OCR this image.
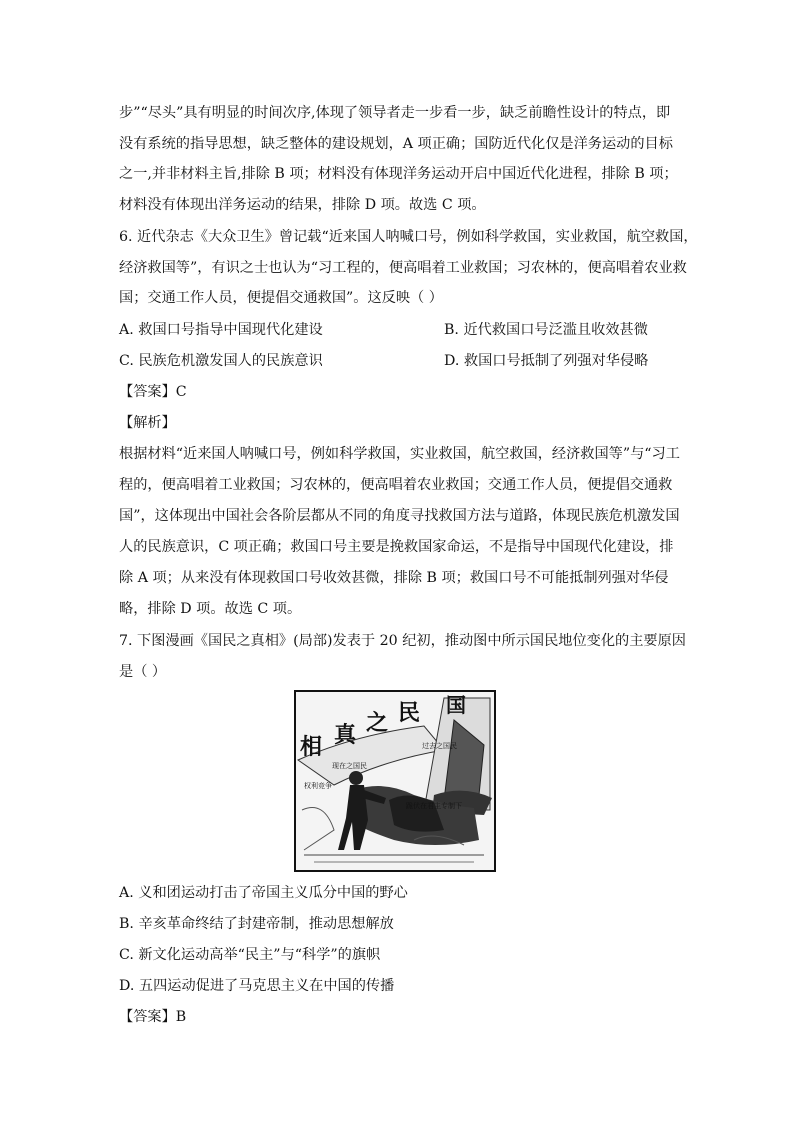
步”“尽头”具有明显的时间次序,体现了领导者走一步看一步，缺乏前瞻性设计的特点，即
没有系统的指导思想，缺乏整体的建设规划，A 项正确；国防近代化仅是洋务运动的目标
之一,并非材料主旨,排除 B 项；材料没有体现洋务运动开启中国近代化进程，排除 B 项；
材料没有体现出洋务运动的结果，排除 D 项。故选 C 项。
6. 近代杂志《大众卫生》曾记载“近来国人呐喊口号，例如科学救国，实业救国，航空救国，
经济救国等”，有识之士也认为“习工程的，便高唱着工业救国；习农林的，便高唱着农业救
国；交通工作人员，便提倡交通救国”。这反映（ ）
A. 救国口号指导中国现代化建设	B. 近代救国口号泛滥且收效甚微
C. 民族危机激发国人的民族意识	D. 救国口号抵制了列强对华侵略
【答案】C
【解析】
根据材料“近来国人呐喊口号，例如科学救国，实业救国，航空救国，经济救国等”与“习工
程的，便高唱着工业救国；习农林的，便高唱着农业救国；交通工作人员，便提倡交通救
国”，这体现出中国社会各阶层都从不同的角度寻找救国方法与道路，体现民族危机激发国
人的民族意识，C 项正确；救国口号主要是挽救国家命运，不是指导中国现代化建设，排
除 A 项；从来没有体现救国口号收效甚微，排除 B 项；救国口号不可能抵制列强对华侵
略，排除 D 项。故选 C 项。
7. 下图漫画《国民之真相》(局部)发表于 20 纪初，推动图中所示国民地位变化的主要原因
是（ ）
国
民
之
真
相	过去之国民
现在之国民
权利竞争
跪伏在君主专制下
A. 义和团运动打击了帝国主义瓜分中国的野心
B. 辛亥革命终结了封建帝制，推动思想解放
C. 新文化运动高举“民主”与“科学”的旗帜
D. 五四运动促进了马克思主义在中国的传播
【答案】B
